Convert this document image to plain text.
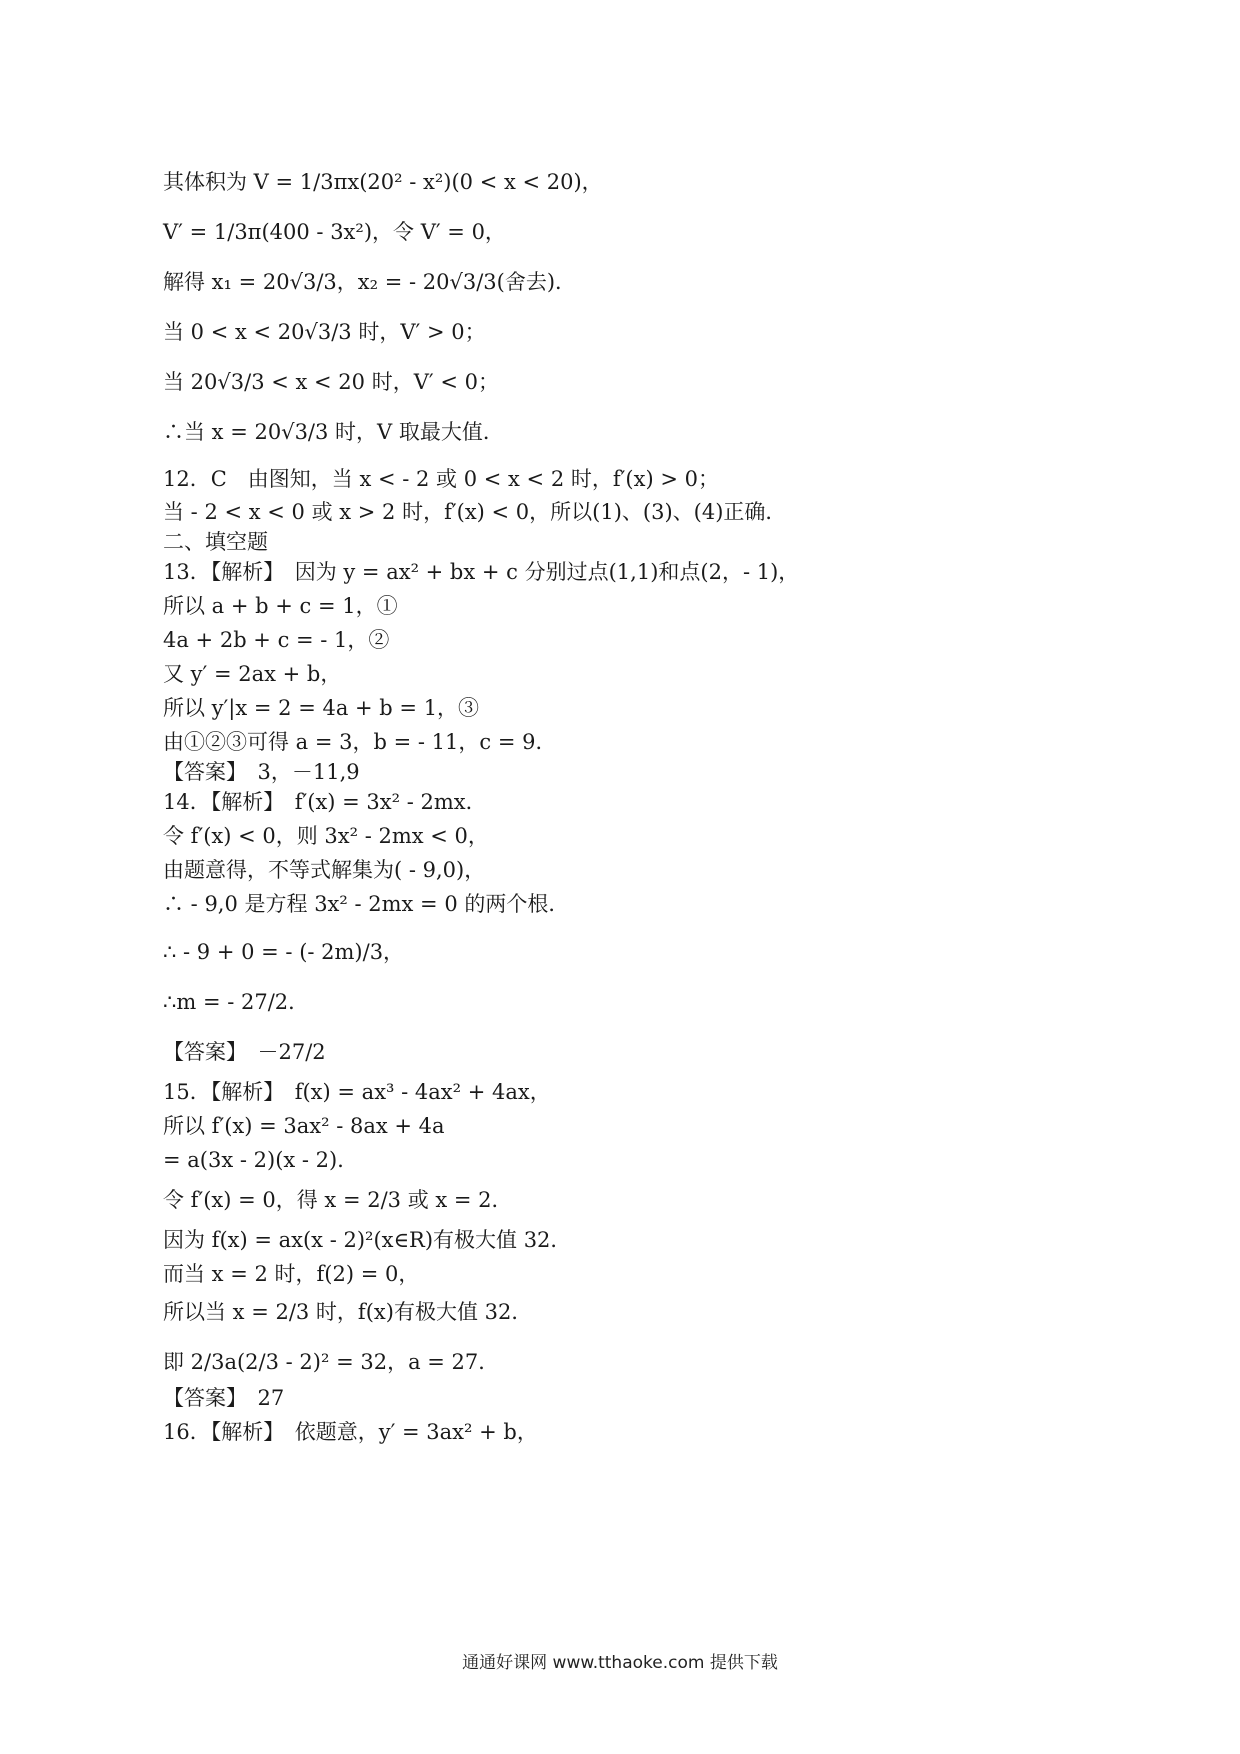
其体积为 V = 1/3πx(20² - x²)(0 < x < 20)，
V′ = 1/3π(400 - 3x²)，令 V′ = 0，
解得 x₁ = 20√3/3，x₂ = - 20√3/3(舍去)．
当 0 < x < 20√3/3 时，V′ > 0；
当 20√3/3 < x < 20 时，V′ < 0；
∴当 x = 20√3/3 时，V 取最大值．
12．C　由图知，当 x < - 2 或 0 < x < 2 时，f′(x) > 0；
当 - 2 < x < 0 或 x > 2 时，f′(x) < 0，所以(1)、(3)、(4)正确．
二、填空题
13．【解析】　因为 y = ax² + bx + c 分别过点(1,1)和点(2，- 1)，
所以 a + b + c = 1，①
4a + 2b + c = - 1，②
又 y′ = 2ax + b，
所以 y′|x = 2 = 4a + b = 1，③
由①②③可得 a = 3，b = - 11，c = 9．
【答案】　3，－11,9
14．【解析】　f′(x) = 3x² - 2mx．
令 f′(x) < 0，则 3x² - 2mx < 0，
由题意得，不等式解集为( - 9,0)，
∴ - 9,0 是方程 3x² - 2mx = 0 的两个根．
∴ - 9 + 0 = - (- 2m)/3，
∴m = - 27/2．
【答案】　－27/2
15．【解析】　f(x) = ax³ - 4ax² + 4ax，
所以 f′(x) = 3ax² - 8ax + 4a
= a(3x - 2)(x - 2)．
令 f′(x) = 0，得 x = 2/3 或 x = 2．
因为 f(x) = ax(x - 2)²(x∈R)有极大值 32．
而当 x = 2 时，f(2) = 0，
所以当 x = 2/3 时，f(x)有极大值 32．
即 2/3a(2/3 - 2)² = 32，a = 27．
【答案】　27
16．【解析】　依题意，y′ = 3ax² + b，
通通好课网 www.tthaoke.com 提供下载
